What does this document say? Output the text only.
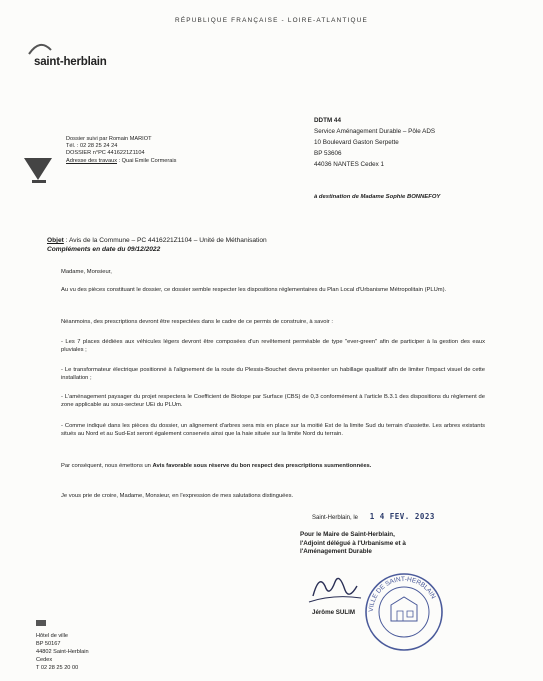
RÉPUBLIQUE FRANÇAISE - LOIRE-ATLANTIQUE
saint-herblain
Dossier suivi par Romain MARIOT
Tél. : 02 28 25 24 24
DOSSIER n°PC 4416221Z1104
Adresse des travaux : Quai Emile Cormerais
DDTM 44
Service Aménagement Durable – Pôle ADS
10 Boulevard Gaston Serpette
BP 53606
44036 NANTES Cedex 1
à destination de Madame Sophie BONNEFOY
Objet : Avis de la Commune – PC 4416221Z1104 – Unité de Méthanisation
Compléments en date du 09/12/2022
Madame, Monsieur,
Au vu des pièces constituant le dossier, ce dossier semble respecter les dispositions réglementaires du Plan Local d'Urbanisme Métropolitain (PLUm).
Néanmoins, des prescriptions devront être respectées dans le cadre de ce permis de construire, à savoir :
- Les 7 places dédiées aux véhicules légers devront être composées d'un revêtement perméable de type "ever-green" afin de participer à la gestion des eaux pluviales ;
- Le transformateur électrique positionné à l'alignement de la route du Plessis-Bouchet devra présenter un habillage qualitatif afin de limiter l'impact visuel de cette installation ;
- L'aménagement paysager du projet respectera le Coefficient de Biotope par Surface (CBS) de 0,3 conformément à l'article B.3.1 des dispositions du règlement de zone applicable au sous-secteur UEi du PLUm.
- Comme indiqué dans les pièces du dossier, un alignement d'arbres sera mis en place sur la moitié Est de la limite Sud du terrain d'assiette. Les arbres existants situés au Nord et au Sud-Est seront également conservés ainsi que la haie située sur la limite Nord du terrain.
Par conséquent, nous émettons un Avis favorable sous réserve du bon respect des prescriptions susmentionnées.
Je vous prie de croire, Madame, Monsieur, en l'expression de mes salutations distinguées.
Saint-Herblain, le 1 4 FEV. 2023
Pour le Maire de Saint-Herblain,
l'Adjoint délégué à l'Urbanisme et à
l'Aménagement Durable
Jérôme SULIM VILLE DE SAINT-HERBLAIN
Hôtel de ville
BP 50167
44802 Saint-Herblain
Cedex
T 02 28 25 20 00
